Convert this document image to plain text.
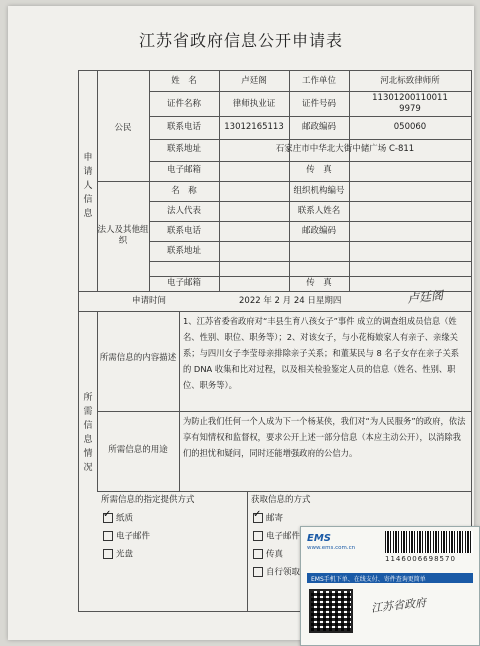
江苏省政府信息公开申请表
申请人信息
所需信息情况
公民
姓　名	卢廷阁	工作单位	河北标致律师所
证件名称	律师执业证	证件号码
11301200110011
9979
联系电话	13012165113	邮政编码	050060
联系地址	石家庄市中华北大街中储广场 C-811
电子邮箱	传　真
法人及其他组织
名　称	组织机构编号
法人代表	联系人姓名
联系电话	邮政编码
联系地址
电子邮箱	传　真
申请时间	2022 年 2 月 24 日星期四	卢廷阁
所需信息的内容描述
1、江苏省委省政府对“丰县生育八孩女子”事件 成立的调查组成员信息（姓名、性别、职位、职务等）；2、对该女子，与小花梅娘家人有亲子、亲缘关系；与四川女子李莹母亲排除亲子关系；和董某民与 8 名子女存在亲子关系的 DNA 收集和比对过程，以及相关检验鉴定人员的信息（姓名、性别、职位、职务等）。
所需信息的用途
为防止我们任何一个人成为下一个杨某侠，我们对“为人民服务”的政府，依法享有知情权和监督权，要求公开上述一部分信息（本应主动公开），以消除我们的担忧和疑问，同时还能增强政府的公信力。
所需信息的指定提供方式
✓纸质
电子邮件
光盘
获取信息的方式
✓邮寄
电子邮件
传真
自行领取
EMS
www.ems.com.cn
1146006698570
EMS手机下单、在线支付、寄件查询更简单
江苏省政府
